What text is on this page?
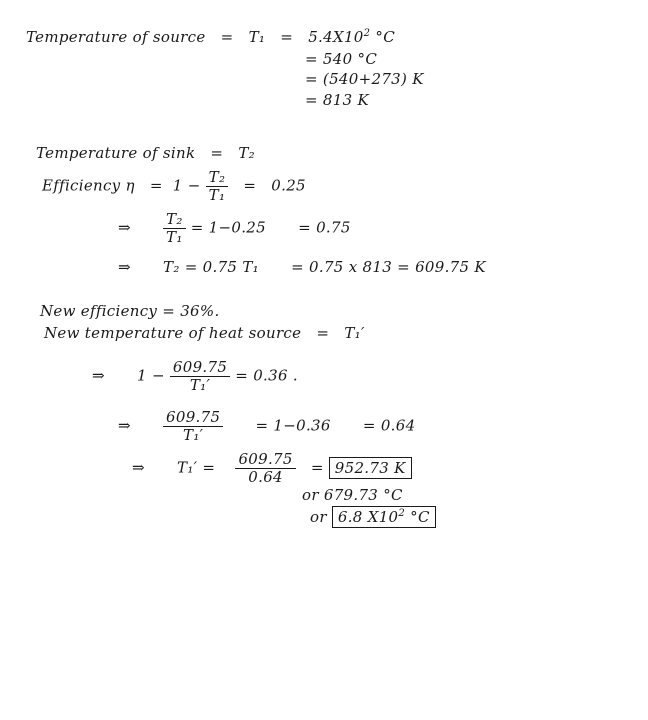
Temperature of source = $T_1 = 5.4X10^2$ °C
= 540 °C
= (540+273) K
= 813 K
Temperature of sink = T₂
Efficiency $\eta = 1 - \frac{\text{T₂}}{\text{T₁}} = 0.25$
⇒ $\frac{\text{T₂}}{\text{T₁}} = 1-0.25 = 0.75$
⇒ T₂ = 0.75 T₁ = 0.75 x 813 = 609.75 K
New efficiency = 36%.
New temperature of heat source = T₁′
⇒ $1 - \frac{609.75}{\text{T₁′}} = 0.36$ .
⇒ $\frac{609.75}{\text{T₁′}} = 1-0.36 = 0.64$
⇒ $T_1' = \frac{609.75}{0.64} = 952.73$ K
or 679.73 °C
or 6.8 $X10^2$ °C
